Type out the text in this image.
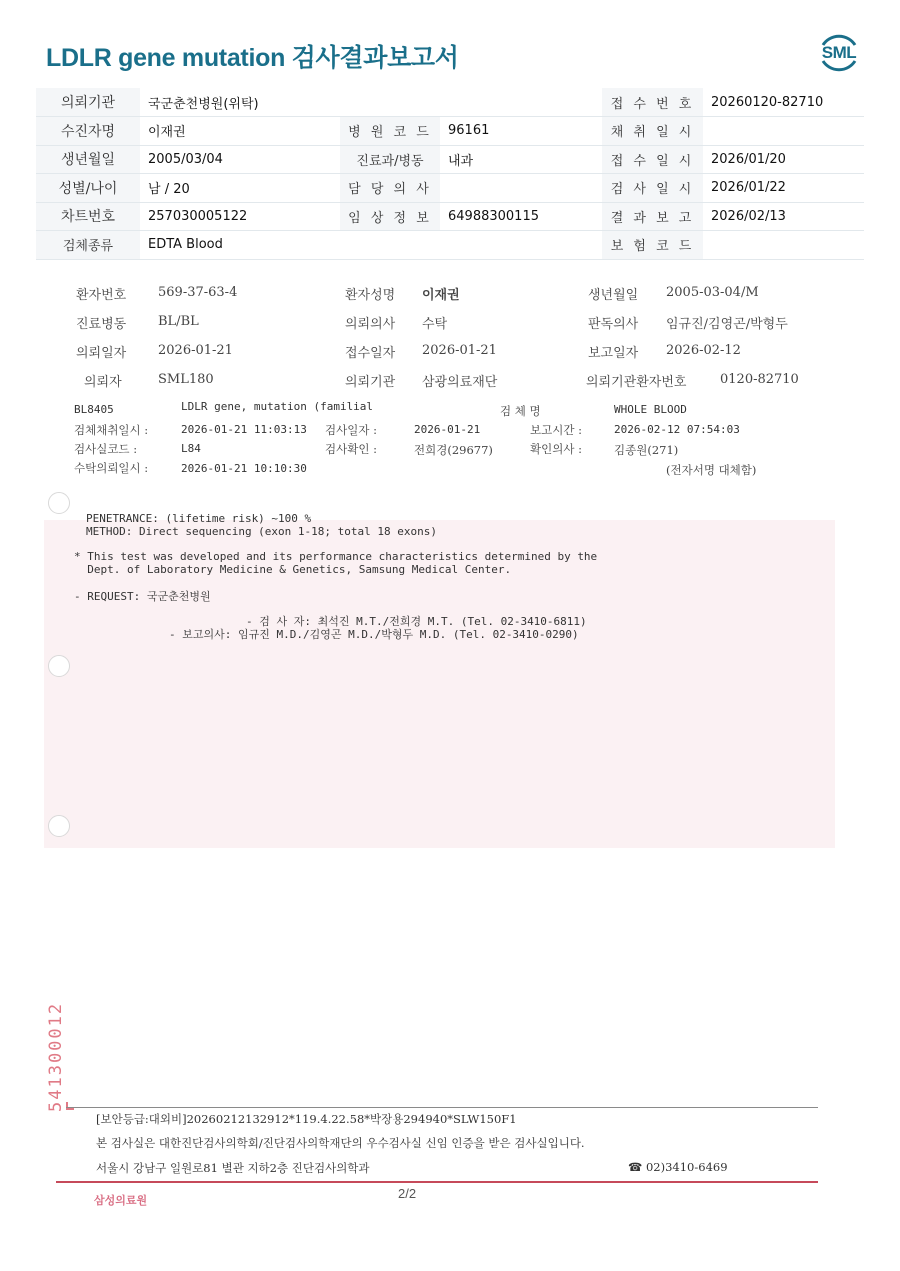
LDLR gene mutation 검사결과보고서	SML
의뢰기관	국군춘천병원(위탁)			접 수 번 호	20260120-82710
수진자명	이재권	병 원 코 드	96161	채 취 일 시	
생년월일	2005/03/04	진료과/병동	내과	접 수 일 시	2026/01/20
성별/나이	남 / 20	담 당 의 사		검 사 일 시	2026/01/22
차트번호	257030005122	임 상 정 보	64988300115	결 과 보 고	2026/02/13
검체종류	EDTA Blood			보 험 코 드	
환자번호 569-37-63-4	환자성명 이재권	생년월일 2005-03-04/M
진료병동 BL/BL	의뢰의사 수탁	판독의사 임규진/김영곤/박형두
의뢰일자 2026-01-21	접수일자 2026-01-21	보고일자 2026-02-12
의뢰자	SML180	의뢰기관 삼광의료재단	의뢰기관환자번호	0120-82710
BL8405	LDLR gene, mutation (familial	검 체 명	WHOLE BLOOD
검체채취일시 :	2026-01-21 11:03:13 검사일자 :	2026-01-21	보고시간 :	2026-02-12 07:54:03
검사실코드 :	L84	검사확인 :	전희경(29677)	확인의사 :	김종원(271)
수탁의뢰일시 :	2026-01-21 10:10:30	(전자서명 대체함)
PENETRANCE: (lifetime risk) ~100 %
METHOD: Direct sequencing (exon 1-18; total 18 exons)
* This test was developed and its performance characteristics determined by the
Dept. of Laboratory Medicine & Genetics, Samsung Medical Center.
- REQUEST: 국군춘천병원
- 검 사 자: 최석진 M.T./전희경 M.T. (Tel. 02-3410-6811)
- 보고의사: 임규진 M.D./김영곤 M.D./박형두 M.D. (Tel. 02-3410-0290)
541300012
[보안등급:대외비]20260212132912*119.4.22.58*박장용294940*SLW150F1
본 검사실은 대한진단검사의학회/진단검사의학재단의 우수검사실 신임 인증을 받은 검사실입니다.
서울시 강남구 일원로81 별관 지하2층 진단검사의학과	☎ 02)3410-6469
삼성의료원	2/2
